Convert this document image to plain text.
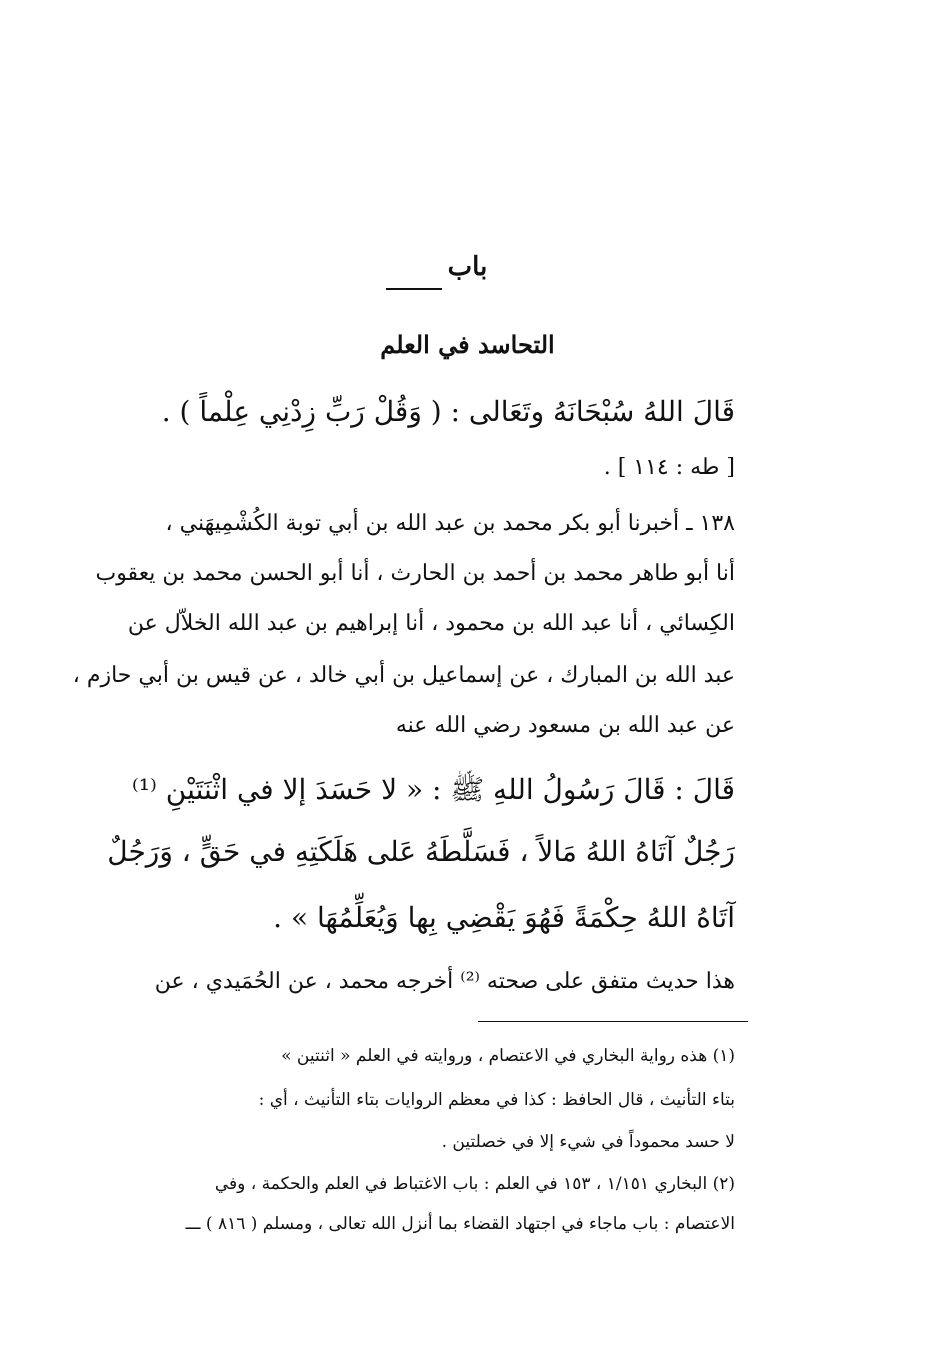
باب
التحاسد في العلم

قَالَ اللهُ سُبْحَانَهُ وتَعَالى : ( وَقُلْ رَبِّ زِدْنِي عِلْماً ) .

[ طه : ١١٤ ] .

١٣٨ ـ أخبرنا أبو بكر محمد بن عبد الله بن أبي توبة الكُشْمِيهَني ،

أنا أبو طاهر محمد بن أحمد بن الحارث ، أنا أبو الحسن محمد بن يعقوب

الكِسائي ، أنا عبد الله بن محمود ، أنا إبراهيم بن عبد الله الخلاّل عن

عبد الله بن المبارك ، عن إسماعيل بن أبي خالد ، عن قيس بن أبي حازم ،

عن عبد الله بن مسعود رضي الله عنه

قَالَ : قَالَ رَسُولُ اللهِ ﷺ : « لا حَسَدَ إلا في اثْنَتَيْنِ ⁽¹⁾

رَجُلٌ آتَاهُ اللهُ مَالاً ، فَسَلَّطَهُ عَلى هَلَكَتِهِ في حَقٍّ ، وَرَجُلٌ

آتَاهُ اللهُ حِكْمَةً فَهُوَ يَقْضِي بِها وَيُعَلِّمُهَا » .

هذا حديث متفق على صحته ⁽²⁾ أخرجه محمد ، عن الحُمَيدي ، عن

(١) هذه رواية البخاري في الاعتصام ، وروايته في العلم « اثنتين »

بتاء التأنيث ، قال الحافظ : كذا في معظم الروايات بتاء التأنيث ، أي :

لا حسد محموداً في شيء إلا في خصلتين .

(٢) البخاري ١/١٥١ ، ١٥٣ في العلم : باب الاغتباط في العلم والحكمة ، وفي

الاعتصام : باب ماجاء في اجتهاد القضاء بما أنزل الله تعالى ، ومسلم ( ٨١٦ ) ـــ
